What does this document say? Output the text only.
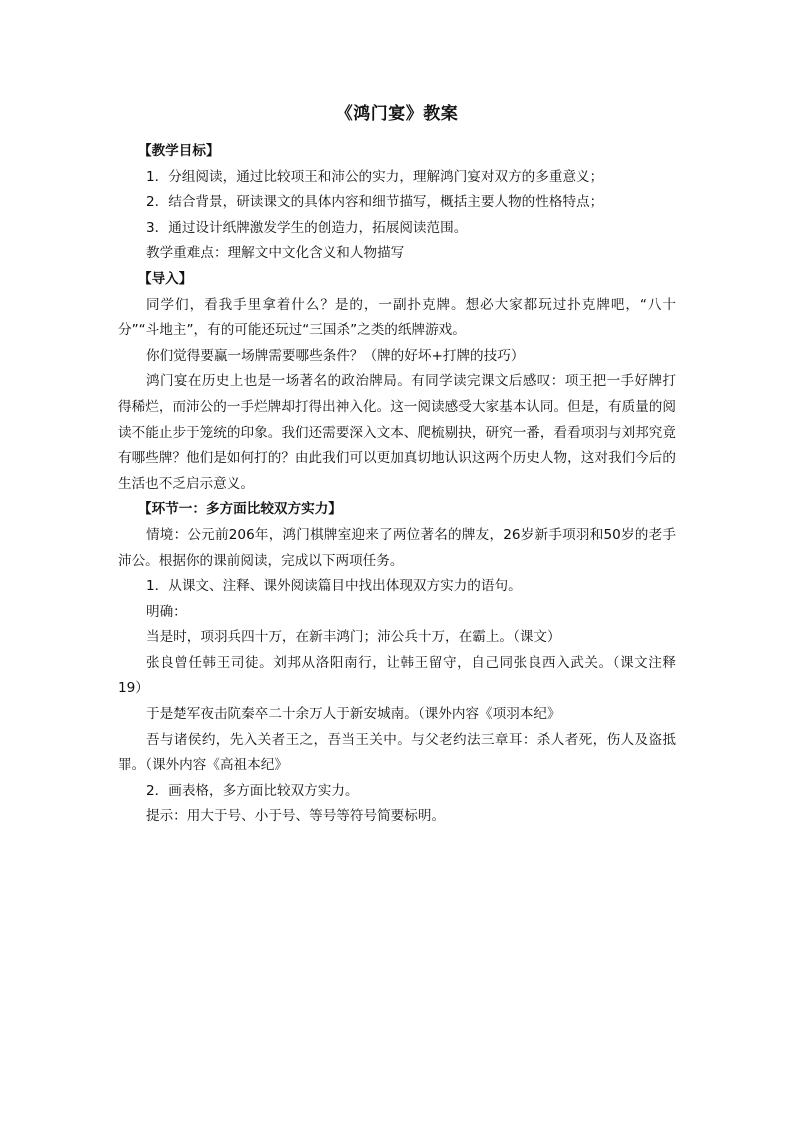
《鸿门宴》教案

【教学目标】

1．分组阅读，通过比较项王和沛公的实力，理解鸿门宴对双方的多重意义；

2．结合背景，研读课文的具体内容和细节描写，概括主要人物的性格特点；

3．通过设计纸牌激发学生的创造力，拓展阅读范围。

教学重难点：理解文中文化含义和人物描写

【导入】

同学们，看我手里拿着什么？是的，一副扑克牌。想必大家都玩过扑克牌吧，“八十分”“斗地主”，有的可能还玩过“三国杀”之类的纸牌游戏。

你们觉得要赢一场牌需要哪些条件？（牌的好坏+打牌的技巧）

鸿门宴在历史上也是一场著名的政治牌局。有同学读完课文后感叹：项王把一手好牌打得稀烂，而沛公的一手烂牌却打得出神入化。这一阅读感受大家基本认同。但是，有质量的阅读不能止步于笼统的印象。我们还需要深入文本、爬梳剔抉，研究一番，看看项羽与刘邦究竟有哪些牌？他们是如何打的？由此我们可以更加真切地认识这两个历史人物，这对我们今后的生活也不乏启示意义。

【环节一：多方面比较双方实力】

情境：公元前206年，鸿门棋牌室迎来了两位著名的牌友，26岁新手项羽和50岁的老手沛公。根据你的课前阅读，完成以下两项任务。

1．从课文、注释、课外阅读篇目中找出体现双方实力的语句。

明确：

当是时，项羽兵四十万，在新丰鸿门；沛公兵十万，在霸上。（课文）

张良曾任韩王司徒。刘邦从洛阳南行，让韩王留守，自己同张良西入武关。（课文注释19）

于是楚军夜击阬秦卒二十余万人于新安城南。（课外内容《项羽本纪》

吾与诸侯约，先入关者王之，吾当王关中。与父老约法三章耳：杀人者死，伤人及盗抵罪。（课外内容《高祖本纪》

2．画表格，多方面比较双方实力。

提示：用大于号、小于号、等号等符号简要标明。
